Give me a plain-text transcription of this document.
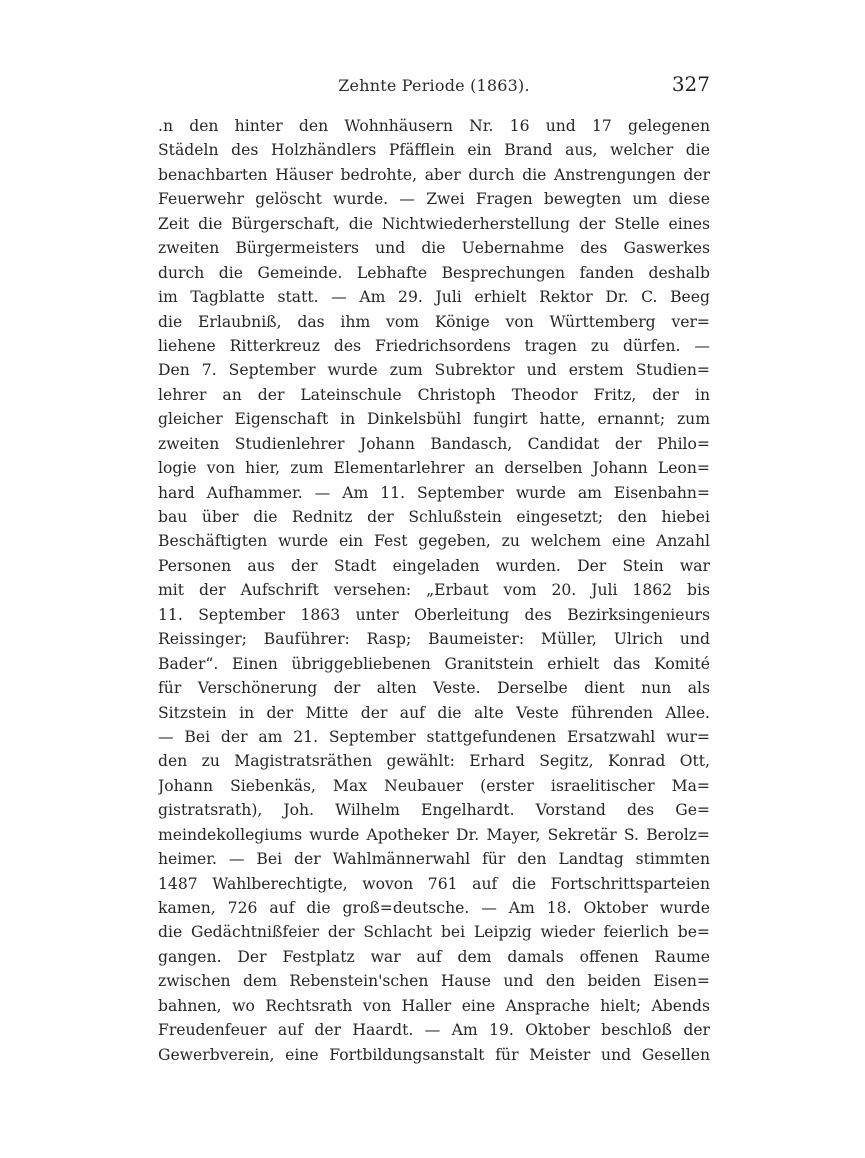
Zehnte Periode (1863).	327
.n den hinter den Wohnhäusern Nr. 16 und 17 gelegenen
Städeln des Holzhändlers Pfäfflein ein Brand aus, welcher die
benachbarten Häuser bedrohte, aber durch die Anstrengungen der
Feuerwehr gelöscht wurde. — Zwei Fragen bewegten um diese
Zeit die Bürgerschaft, die Nichtwiederherstellung der Stelle eines
zweiten Bürgermeisters und die Uebernahme des Gaswerkes
durch die Gemeinde. Lebhafte Besprechungen fanden deshalb
im Tagblatte statt. — Am 29. Juli erhielt Rektor Dr. C. Beeg
die Erlaubniß, das ihm vom Könige von Württemberg ver=
liehene Ritterkreuz des Friedrichsordens tragen zu dürfen. —
Den 7. September wurde zum Subrektor und erstem Studien=
lehrer an der Lateinschule Christoph Theodor Fritz, der in
gleicher Eigenschaft in Dinkelsbühl fungirt hatte, ernannt; zum
zweiten Studienlehrer Johann Bandasch, Candidat der Philo=
logie von hier, zum Elementarlehrer an derselben Johann Leon=
hard Aufhammer. — Am 11. September wurde am Eisenbahn=
bau über die Rednitz der Schlußstein eingesetzt; den hiebei
Beschäftigten wurde ein Fest gegeben, zu welchem eine Anzahl
Personen aus der Stadt eingeladen wurden. Der Stein war
mit der Aufschrift versehen: „Erbaut vom 20. Juli 1862 bis
11. September 1863 unter Oberleitung des Bezirksingenieurs
Reissinger; Bauführer: Rasp; Baumeister: Müller, Ulrich und
Bader“. Einen übriggebliebenen Granitstein erhielt das Komité
für Verschönerung der alten Veste. Derselbe dient nun als
Sitzstein in der Mitte der auf die alte Veste führenden Allee.
— Bei der am 21. September stattgefundenen Ersatzwahl wur=
den zu Magistratsräthen gewählt: Erhard Segitz, Konrad Ott,
Johann Siebenkäs, Max Neubauer (erster israelitischer Ma=
gistratsrath), Joh. Wilhelm Engelhardt. Vorstand des Ge=
meindekollegiums wurde Apotheker Dr. Mayer, Sekretär S. Berolz=
heimer. — Bei der Wahlmännerwahl für den Landtag stimmten
1487 Wahlberechtigte, wovon 761 auf die Fortschrittsparteien
kamen, 726 auf die groß=deutsche. — Am 18. Oktober wurde
die Gedächtnißfeier der Schlacht bei Leipzig wieder feierlich be=
gangen. Der Festplatz war auf dem damals offenen Raume
zwischen dem Rebenstein'schen Hause und den beiden Eisen=
bahnen, wo Rechtsrath von Haller eine Ansprache hielt; Abends
Freudenfeuer auf der Haardt. — Am 19. Oktober beschloß der
Gewerbverein, eine Fortbildungsanstalt für Meister und Gesellen
